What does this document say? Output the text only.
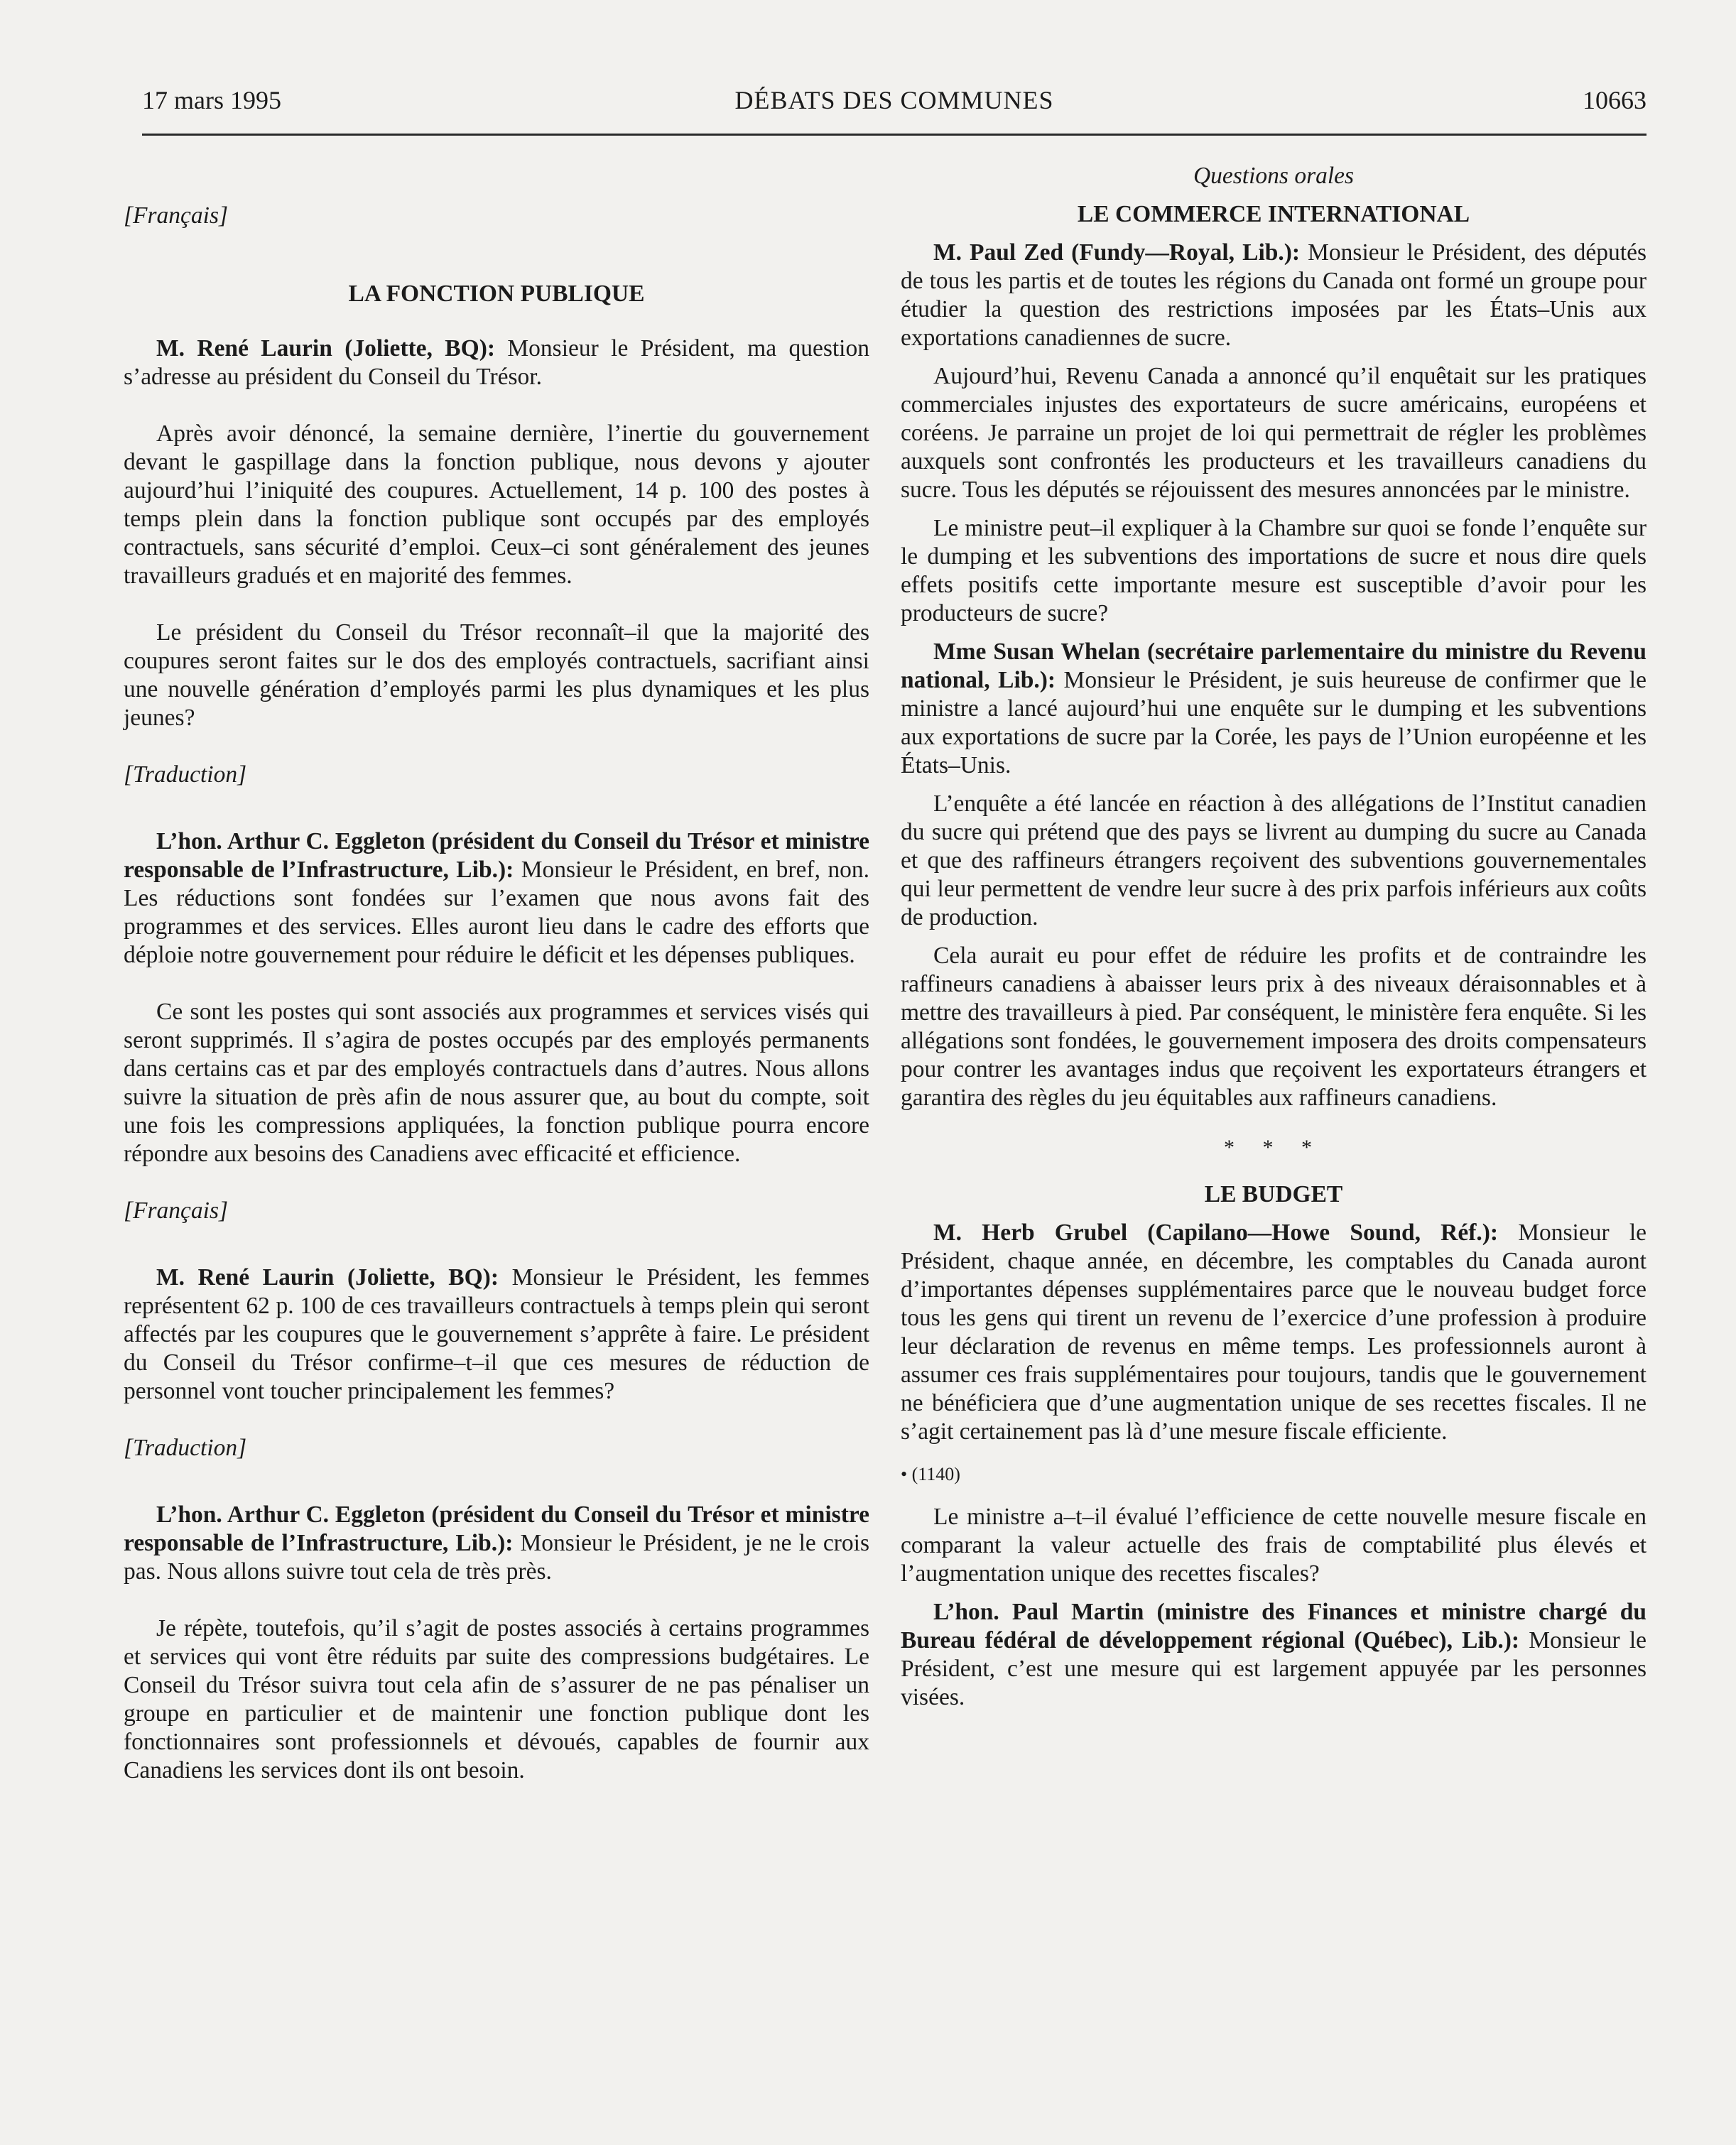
17 mars 1995	DÉBATS DES COMMUNES	10663

[Français]

LA FONCTION PUBLIQUE

M. René Laurin (Joliette, BQ): Monsieur le Président, ma question s’adresse au président du Conseil du Trésor.

Après avoir dénoncé, la semaine dernière, l’inertie du gouvernement devant le gaspillage dans la fonction publique, nous devons y ajouter aujourd’hui l’iniquité des coupures. Actuellement, 14 p. 100 des postes à temps plein dans la fonction publique sont occupés par des employés contractuels, sans sécurité d’emploi. Ceux–ci sont généralement des jeunes travailleurs gradués et en majorité des femmes.

Le président du Conseil du Trésor reconnaît–il que la majorité des coupures seront faites sur le dos des employés contractuels, sacrifiant ainsi une nouvelle génération d’employés parmi les plus dynamiques et les plus jeunes?

[Traduction]

L’hon. Arthur C. Eggleton (président du Conseil du Trésor et ministre responsable de l’Infrastructure, Lib.): Monsieur le Président, en bref, non. Les réductions sont fondées sur l’examen que nous avons fait des programmes et des services. Elles auront lieu dans le cadre des efforts que déploie notre gouvernement pour réduire le déficit et les dépenses publiques.

Ce sont les postes qui sont associés aux programmes et services visés qui seront supprimés. Il s’agira de postes occupés par des employés permanents dans certains cas et par des employés contractuels dans d’autres. Nous allons suivre la situation de près afin de nous assurer que, au bout du compte, soit une fois les compressions appliquées, la fonction publique pourra encore répondre aux besoins des Canadiens avec efficacité et efficience.

[Français]

M. René Laurin (Joliette, BQ): Monsieur le Président, les femmes représentent 62 p. 100 de ces travailleurs contractuels à temps plein qui seront affectés par les coupures que le gouvernement s’apprête à faire. Le président du Conseil du Trésor confirme–t–il que ces mesures de réduction de personnel vont toucher principalement les femmes?

[Traduction]

L’hon. Arthur C. Eggleton (président du Conseil du Trésor et ministre responsable de l’Infrastructure, Lib.): Monsieur le Président, je ne le crois pas. Nous allons suivre tout cela de très près.

Je répète, toutefois, qu’il s’agit de postes associés à certains programmes et services qui vont être réduits par suite des compressions budgétaires. Le Conseil du Trésor suivra tout cela afin de s’assurer de ne pas pénaliser un groupe en particulier et de maintenir une fonction publique dont les fonctionnaires sont professionnels et dévoués, capables de fournir aux Canadiens les services dont ils ont besoin.

Questions orales

LE COMMERCE INTERNATIONAL

M. Paul Zed (Fundy—Royal, Lib.): Monsieur le Président, des députés de tous les partis et de toutes les régions du Canada ont formé un groupe pour étudier la question des restrictions imposées par les États–Unis aux exportations canadiennes de sucre.

Aujourd’hui, Revenu Canada a annoncé qu’il enquêtait sur les pratiques commerciales injustes des exportateurs de sucre américains, européens et coréens. Je parraine un projet de loi qui permettrait de régler les problèmes auxquels sont confrontés les producteurs et les travailleurs canadiens du sucre. Tous les députés se réjouissent des mesures annoncées par le ministre.

Le ministre peut–il expliquer à la Chambre sur quoi se fonde l’enquête sur le dumping et les subventions des importations de sucre et nous dire quels effets positifs cette importante mesure est susceptible d’avoir pour les producteurs de sucre?

Mme Susan Whelan (secrétaire parlementaire du ministre du Revenu national, Lib.): Monsieur le Président, je suis heureuse de confirmer que le ministre a lancé aujourd’hui une enquête sur le dumping et les subventions aux exportations de sucre par la Corée, les pays de l’Union européenne et les États–Unis.

L’enquête a été lancée en réaction à des allégations de l’Institut canadien du sucre qui prétend que des pays se livrent au dumping du sucre au Canada et que des raffineurs étrangers reçoivent des subventions gouvernementales qui leur permettent de vendre leur sucre à des prix parfois inférieurs aux coûts de production.

Cela aurait eu pour effet de réduire les profits et de contraindre les raffineurs canadiens à abaisser leurs prix à des niveaux déraisonnables et à mettre des travailleurs à pied. Par conséquent, le ministère fera enquête. Si les allégations sont fondées, le gouvernement imposera des droits compensateurs pour contrer les avantages indus que reçoivent les exportateurs étrangers et garantira des règles du jeu équitables aux raffineurs canadiens.

* * *

LE BUDGET

M. Herb Grubel (Capilano—Howe Sound, Réf.): Monsieur le Président, chaque année, en décembre, les comptables du Canada auront d’importantes dépenses supplémentaires parce que le nouveau budget force tous les gens qui tirent un revenu de l’exercice d’une profession à produire leur déclaration de revenus en même temps. Les professionnels auront à assumer ces frais supplémentaires pour toujours, tandis que le gouvernement ne bénéficiera que d’une augmentation unique de ses recettes fiscales. Il ne s’agit certainement pas là d’une mesure fiscale efficiente.

• (1140)

Le ministre a–t–il évalué l’efficience de cette nouvelle mesure fiscale en comparant la valeur actuelle des frais de comptabilité plus élevés et l’augmentation unique des recettes fiscales?

L’hon. Paul Martin (ministre des Finances et ministre chargé du Bureau fédéral de développement régional (Québec), Lib.): Monsieur le Président, c’est une mesure qui est largement appuyée par les personnes visées.
